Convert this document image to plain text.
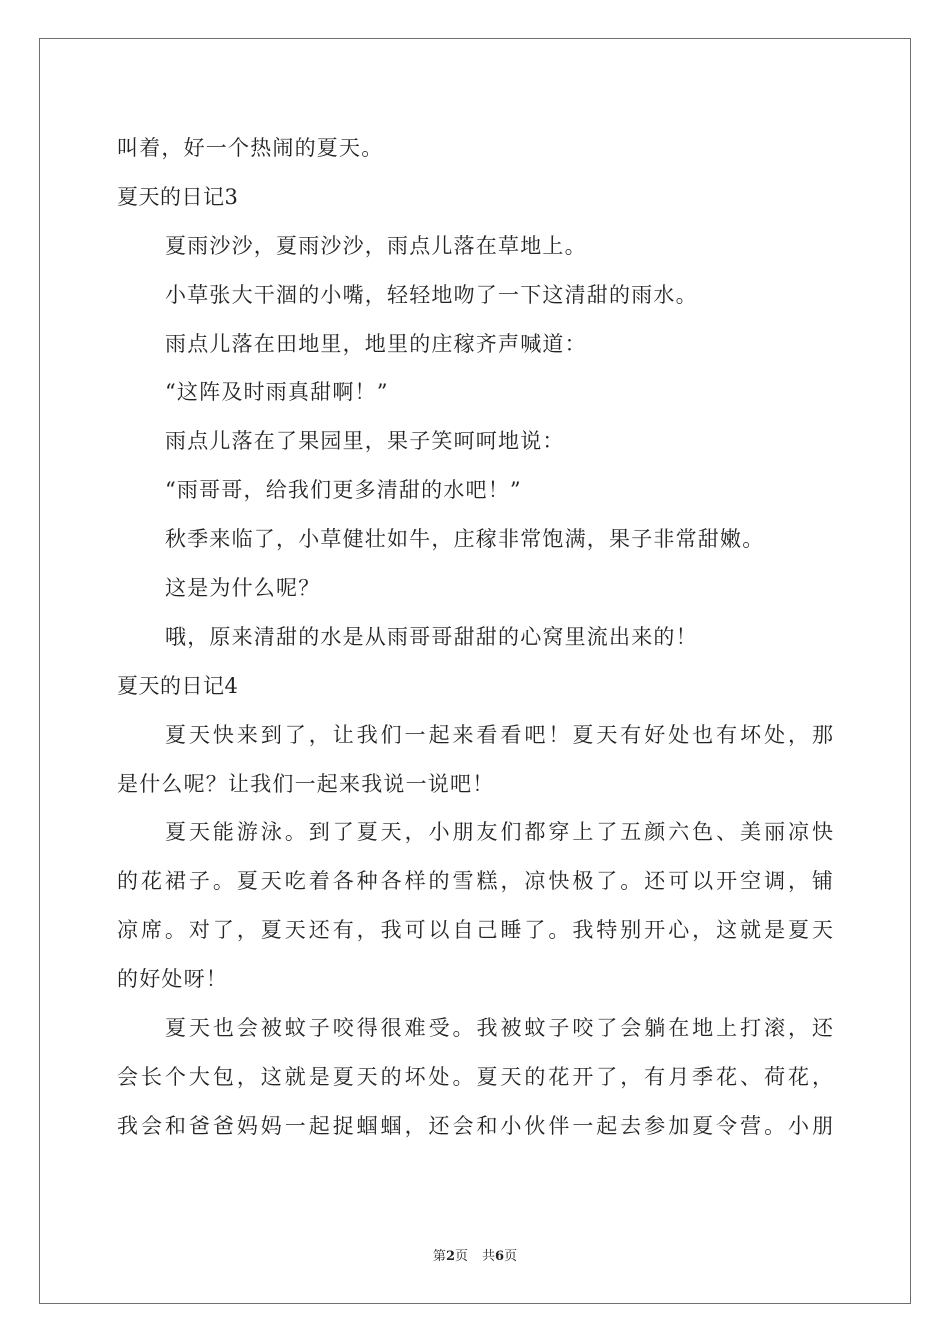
叫着，好一个热闹的夏天。
夏天的日记3
夏雨沙沙，夏雨沙沙，雨点儿落在草地上。
小草张大干涸的小嘴，轻轻地吻了一下这清甜的雨水。
雨点儿落在田地里，地里的庄稼齐声喊道：
“这阵及时雨真甜啊！”
雨点儿落在了果园里，果子笑呵呵地说：
“雨哥哥，给我们更多清甜的水吧！”
秋季来临了，小草健壮如牛，庄稼非常饱满，果子非常甜嫩。
这是为什么呢？
哦，原来清甜的水是从雨哥哥甜甜的心窝里流出来的！
夏天的日记4
夏天快来到了，让我们一起来看看吧！夏天有好处也有坏处，那
是什么呢？让我们一起来我说一说吧！
夏天能游泳。到了夏天，小朋友们都穿上了五颜六色、美丽凉快
的花裙子。夏天吃着各种各样的雪糕，凉快极了。还可以开空调，铺
凉席。对了，夏天还有，我可以自己睡了。我特别开心，这就是夏天
的好处呀！
夏天也会被蚊子咬得很难受。我被蚊子咬了会躺在地上打滚，还
会长个大包，这就是夏天的坏处。夏天的花开了，有月季花、荷花，
我会和爸爸妈妈一起捉蝈蝈，还会和小伙伴一起去参加夏令营。小朋
第2页 共6页
